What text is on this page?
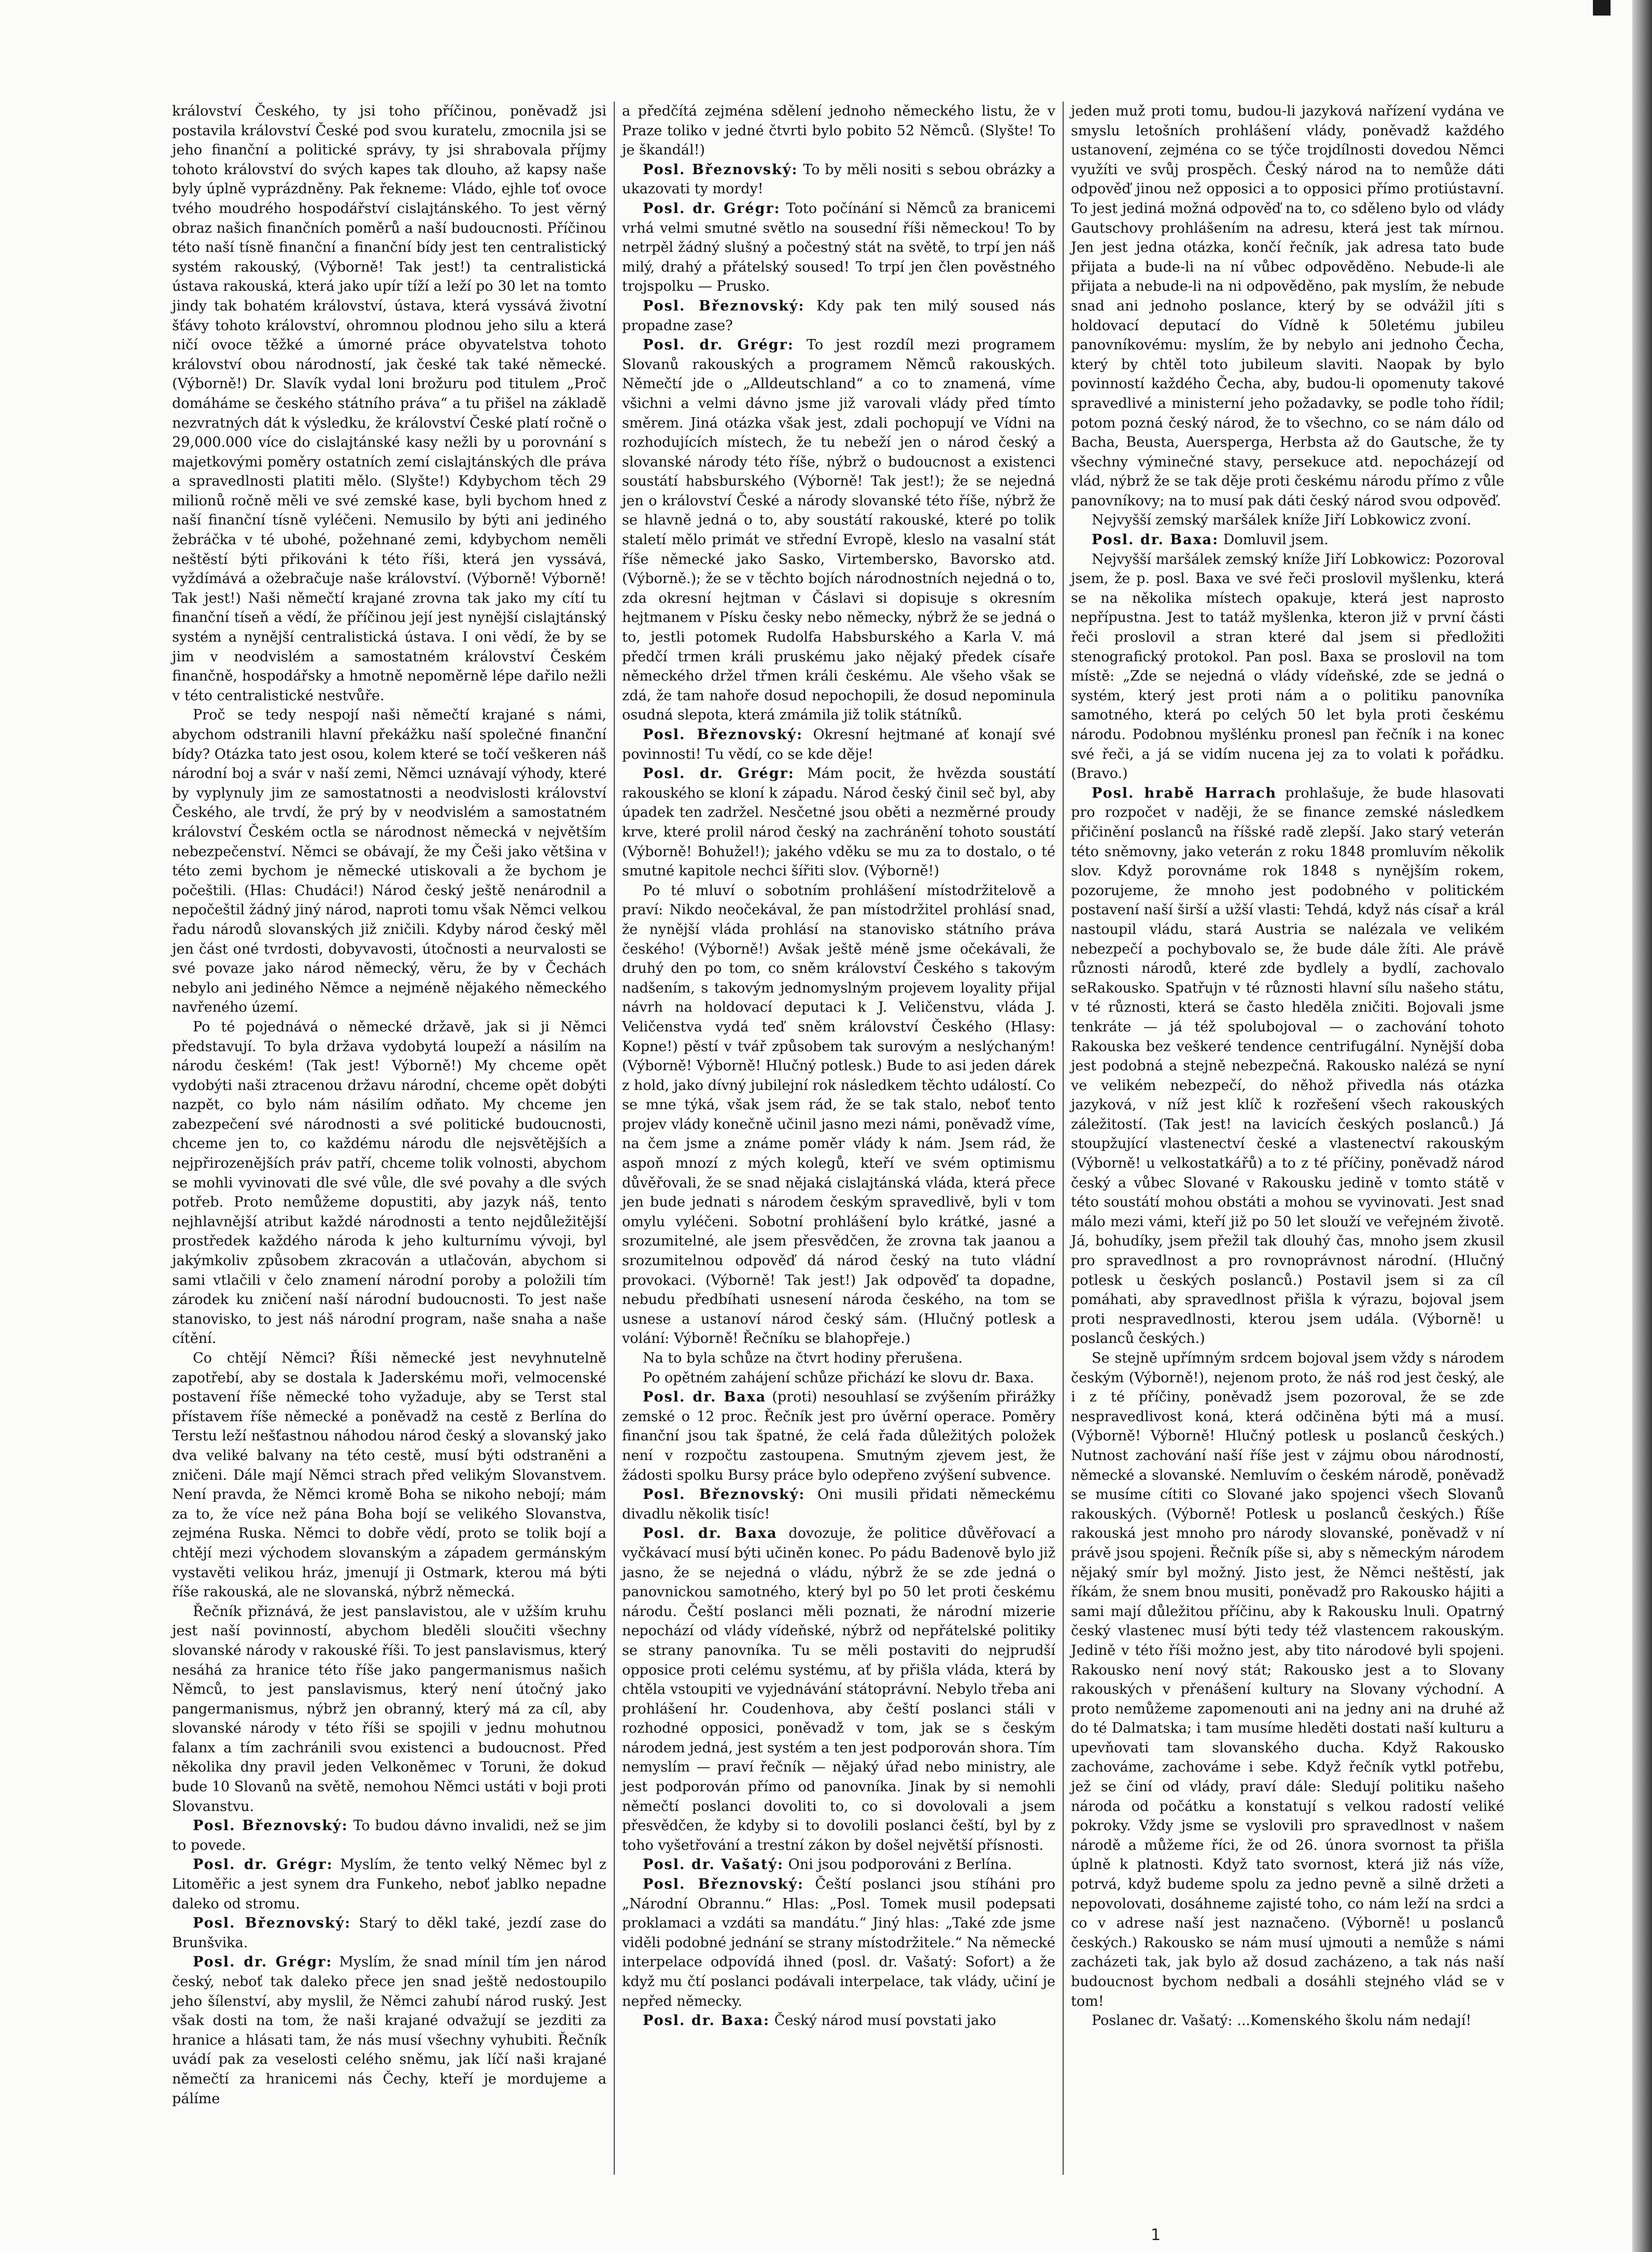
království Českého, ty jsi toho příčinou, poněvadž jsi postavila království České pod svou kuratelu, zmocnila jsi se jeho finanční a politické správy, ty jsi shrabovala příjmy tohoto království do svých kapes tak dlouho, až kapsy naše byly úplně vyprázdněny. Pak řekneme: Vládo, ejhle toť ovoce tvého moudrého hospodářství cislajtánského. To jest věrný obraz našich finančních poměrů a naší budoucnosti. Příčinou této naší tísně finanční a finanční bídy jest ten centralistický systém rakouský, (Výborně! Tak jest!) ta centralistická ústava rakouská, která jako upír tíží a leží po 30 let na tomto jindy tak bohatém království, ústava, která vyssává životní šťávy tohoto království, ohromnou plodnou jeho silu a která ničí ovoce těžké a úmorné práce obyvatelstva tohoto království obou národností, jak české tak také německé. (Výborně!) Dr. Slavík vydal loni brožuru pod titulem „Proč domáháme se českého státního práva“ a tu přišel na základě nezvratných dát k výsledku, že království České platí ročně o 29,000.000 více do cislajtánské kasy nežli by u porovnání s majetkovými poměry ostatních zemí cislajtánských dle práva a spravedlnosti platiti mělo. (Slyšte!) Kdybychom těch 29 milionů ročně měli ve své zemské kase, byli bychom hned z naší finanční tísně vyléčeni. Nemusilo by býti ani jediného žebráčka v té ubohé, požehnané zemi, kdybychom neměli neštěstí býti přikováni k této říši, která jen vyssává, vyždímává a ožebračuje naše království. (Výborně! Výborně! Tak jest!) Naši němečtí krajané zrovna tak jako my cítí tu finanční tíseň a vědí, že příčinou její jest nynější cislajtánský systém a nynější centralistická ústava. I oni vědí, že by se jim v neodvislém a samostatném království Českém finančně, hospodářsky a hmotně nepoměrně lépe dařilo nežli v této centralistické nestvůře.

Proč se tedy nespojí naši němečtí krajané s námi, abychom odstranili hlavní překážku naší společné finanční bídy? Otázka tato jest osou, kolem které se točí veškeren náš národní boj a svár v naší zemi, Němci uznávají výhody, které by vyplynuly jim ze samostatnosti a neodvislosti království Českého, ale trvdí, že prý by v neodvislém a samostatném království Českém octla se národnost německá v největším nebezpečenství. Němci se obávají, že my Češi jako většina v této zemi bychom je německé utiskovali a že bychom je počeštili. (Hlas: Chudáci!) Národ český ještě nenárodnil a nepočeštil žádný jiný národ, naproti tomu však Němci velkou řadu národů slovanských již zničili. Kdyby národ český měl jen část oné tvrdosti, dobyvavosti, útočnosti a neurvalosti se své povaze jako národ německý, věru, že by v Čechách nebylo ani jediného Němce a nejméně nějakého německého navřeného území.

Po té pojednává o německé državě, jak si ji Němci představují. To byla država vydobytá loupeží a násilím na národu českém! (Tak jest! Výborně!) My chceme opět vydobýti naši ztracenou državu národní, chceme opět dobýti nazpět, co bylo nám násilím odňato. My chceme jen zabezpečení své národnosti a své politické budoucnosti, chceme jen to, co každému národu dle nejsvětějších a nejpřirozenějších práv patří, chceme tolik volnosti, abychom se mohli vyvinovati dle své vůle, dle své povahy a dle svých potřeb. Proto nemůžeme dopustiti, aby jazyk náš, tento nejhlavnější atribut každé národnosti a tento nejdůležitější prostředek každého národa k jeho kulturnímu vývoji, byl jakýmkoliv způsobem zkracován a utlačován, abychom si sami vtlačili v čelo znamení národní poroby a položili tím zárodek ku zničení naší národní budoucnosti. To jest naše stanovisko, to jest náš národní program, naše snaha a naše cítění.

Co chtějí Němci? Říši německé jest nevyhnutelně zapotřebí, aby se dostala k Jaderskému moři, velmocenské postavení říše německé toho vyžaduje, aby se Terst stal přístavem říše německé a poněvadž na cestě z Berlína do Terstu leží nešťastnou náhodou národ český a slovanský jako dva veliké balvany na této cestě, musí býti odstraněni a zničeni. Dále mají Němci strach před velikým Slovanstvem. Není pravda, že Němci kromě Boha se nikoho nebojí; mám za to, že více než pána Boha bojí se velikého Slovanstva, zejména Ruska. Němci to dobře vědí, proto se tolik bojí a chtějí mezi východem slovanským a západem germánským vystavěti velikou hráz, jmenují ji Ostmark, kterou má býti říše rakouská, ale ne slovanská, nýbrž německá.

Řečník přiznává, že jest panslavistou, ale v užším kruhu jest naší povinností, abychom bleděli sloučiti všechny slovanské národy v rakouské říši. To jest panslavismus, který nesáhá za hranice této říše jako pangermanismus našich Němců, to jest panslavismus, který není útočný jako pangermanismus, nýbrž jen obranný, který má za cíl, aby slovanské národy v této říši se spojili v jednu mohutnou falanx a tím zachránili svou existenci a budoucnost. Před několika dny pravil jeden Velkoněmec v Toruni, že dokud bude 10 Slovanů na světě, nemohou Němci ustáti v boji proti Slovanstvu.

Posl. Březnovský: To budou dávno invalidi, než se jim to povede.

Posl. dr. Grégr: Myslím, že tento velký Němec byl z Litoměřic a jest synem dra Funkeho, neboť jablko nepadne daleko od stromu.

Posl. Březnovský: Starý to děkl také, jezdí zase do Brunšvika.

Posl. dr. Grégr: Myslím, že snad mínil tím jen národ český, neboť tak daleko přece jen snad ještě nedostoupilo jeho šílenství, aby myslil, že Němci zahubí národ ruský. Jest však dosti na tom, že naši krajané odvažují se jezditi za hranice a hlásati tam, že nás musí všechny vyhubiti. Řečník uvádí pak za veselosti celého sněmu, jak líčí naši krajané němečtí za hranicemi nás Čechy, kteří je mordujeme a pálíme

a předčítá zejména sdělení jednoho německého listu, že v Praze toliko v jedné čtvrti bylo pobito 52 Němců. (Slyšte! To je škandál!)

Posl. Březnovský: To by měli nositi s sebou obrázky a ukazovati ty mordy!

Posl. dr. Grégr: Toto počínání si Němců za branicemi vrhá velmi smutné světlo na sousední říši německou! To by netrpěl žádný slušný a počestný stát na světě, to trpí jen náš milý, drahý a přátelský soused! To trpí jen člen pověstného trojspolku — Prusko.

Posl. Březnovský: Kdy pak ten milý soused nás propadne zase?

Posl. dr. Grégr: To jest rozdíl mezi programem Slovanů rakouských a programem Němců rakouských. Němečtí jde o „Alldeutschland“ a co to znamená, víme všichni a velmi dávno jsme již varovali vlády před tímto směrem. Jiná otázka však jest, zdali pochopují ve Vídni na rozhodujících místech, že tu nebeží jen o národ český a slovanské národy této říše, nýbrž o budoucnost a existenci soustátí habsburského (Výborně! Tak jest!); že se nejedná jen o království České a národy slovanské této říše, nýbrž že se hlavně jedná o to, aby soustátí rakouské, které po tolik staletí mělo primát ve střední Evropě, kleslo na vasalní stát říše německé jako Sasko, Virtembersko, Bavorsko atd. (Výborně.); že se v těchto bojích národnostních nejedná o to, zda okresní hejtman v Čáslavi si dopisuje s okresním hejtmanem v Písku česky nebo německy, nýbrž že se jedná o to, jestli potomek Rudolfa Habsburského a Karla V. má předčí trmen králi pruskému jako nějaký předek císaře německého držel třmen králi českému. Ale všeho však se zdá, že tam nahoře dosud nepochopili, že dosud nepominula osudná slepota, která zmámila již tolik státníků.

Posl. Březnovský: Okresní hejtmané ať konají své povinnosti! Tu vědí, co se kde děje!

Posl. dr. Grégr: Mám pocit, že hvězda soustátí rakouského se kloní k západu. Národ český činil seč byl, aby úpadek ten zadržel. Nesčetné jsou oběti a nezměrné proudy krve, které prolil národ český na zachránění tohoto soustátí (Výborně! Bohužel!); jakého vděku se mu za to dostalo, o té smutné kapitole nechci šířiti slov. (Výborně!)

Po té mluví o sobotním prohlášení místodržitelově a praví: Nikdo neočekával, že pan místodržitel prohlásí snad, že nynější vláda prohlásí na stanovisko státního práva českého! (Výborně!) Avšak ještě méně jsme očekávali, že druhý den po tom, co sněm království Českého s takovým nadšením, s takovým jednomyslným projevem loyality přijal návrh na holdovací deputaci k J. Veličenstvu, vláda J. Veličenstva vydá teď sněm království Českého (Hlasy: Kopne!) pěstí v tvář způsobem tak surovým a neslýchaným! (Výborně! Výborně! Hlučný potlesk.) Bude to asi jeden dárek z hold, jako dívný jubilejní rok následkem těchto událostí. Co se mne týká, však jsem rád, že se tak stalo, neboť tento projev vlády konečně učinil jasno mezi námi, poněvadž víme, na čem jsme a známe poměr vlády k nám. Jsem rád, že aspoň mnozí z mých kolegů, kteří ve svém optimismu důvěřovali, že se snad nějaká cislajtánská vláda, která přece jen bude jednati s národem českým spravedlivě, byli v tom omylu vyléčeni. Sobotní prohlášení bylo krátké, jasné a srozumitelné, ale jsem přesvědčen, že zrovna tak jaanou a srozumitelnou odpověď dá národ český na tuto vládní provokaci. (Výborně! Tak jest!) Jak odpověď ta dopadne, nebudu předbíhati usnesení národa českého, na tom se usnese a ustanoví národ český sám. (Hlučný potlesk a volání: Výborně! Řečníku se blahopřeje.)

Na to byla schůze na čtvrt hodiny přerušena.

Po opětném zahájení schůze přichází ke slovu dr. Baxa.

Posl. dr. Baxa (proti) nesouhlasí se zvýšením přirážky zemské o 12 proc. Řečník jest pro úvěrní operace. Poměry finanční jsou tak špatné, že celá řada důležitých položek není v rozpočtu zastoupena. Smutným zjevem jest, že žádosti spolku Bursy práce bylo odepřeno zvýšení subvence.

Posl. Březnovský: Oni musili přidati německému divadlu několik tisíc!

Posl. dr. Baxa dovozuje, že politice důvěřovací a vyčkávací musí býti učiněn konec. Po pádu Badenově bylo již jasno, že se nejedná o vládu, nýbrž že se zde jedná o panovnickou samotného, který byl po 50 let proti českému národu. Čeští poslanci měli poznati, že národní mizerie nepochází od vlády vídeňské, nýbrž od nepřátelské politiky se strany panovníka. Tu se měli postaviti do nejprudší opposice proti celému systému, ať by přišla vláda, která by chtěla vstoupiti ve vyjednávání státoprávní. Nebylo třeba ani prohlášení hr. Coudenhova, aby čeští poslanci stáli v rozhodné opposici, poněvadž v tom, jak se s českým národem jedná, jest systém a ten jest podporován shora. Tím nemyslím — praví řečník — nějaký úřad nebo ministry, ale jest podporován přímo od panovníka. Jinak by si nemohli němečtí poslanci dovoliti to, co si dovolovali a jsem přesvědčen, že kdyby si to dovolili poslanci čeští, byl by z toho vyšetřování a trestní zákon by došel největší přísnosti.

Posl. dr. Vašatý: Oni jsou podporováni z Berlína.

Posl. Březnovský: Čeští poslanci jsou stíháni pro „Národní Obrannu.“ Hlas: „Posl. Tomek musil podepsati proklamaci a vzdáti sa mandátu.“ Jiný hlas: „Také zde jsme viděli podobné jednání se strany místodržitele.“ Na německé interpelace odpovídá ihned (posl. dr. Vašatý: Sofort) a že když mu čtí poslanci podávali interpelace, tak vlády, učiní je nepřed německy.

Posl. dr. Baxa: Český národ musí povstati jako

jeden muž proti tomu, budou-li jazyková nařízení vydána ve smyslu letošních prohlášení vlády, poněvadž každého ustanovení, zejména co se týče trojdílnosti dovedou Němci využíti ve svůj prospěch. Český národ na to nemůže dáti odpověď jinou než opposici a to opposici přímo protiústavní. To jest jediná možná odpověď na to, co sděleno bylo od vlády Gautschovy prohlášením na adresu, která jest tak mírnou. Jen jest jedna otázka, končí řečník, jak adresa tato bude přijata a bude-li na ní vůbec odpověděno. Nebude-li ale přijata a nebude-li na ni odpověděno, pak myslím, že nebude snad ani jednoho poslance, který by se odvážil jíti s holdovací deputací do Vídně k 50letému jubileu panovníkovému: myslím, že by nebylo ani jednoho Čecha, který by chtěl toto jubileum slaviti. Naopak by bylo povinností každého Čecha, aby, budou-li opomenuty takové spravedlivé a ministerní jeho požadavky, se podle toho řídil; potom pozná český národ, že to všechno, co se nám dálo od Bacha, Beusta, Auersperga, Herbsta až do Gautsche, že ty všechny výminečné stavy, persekuce atd. nepocházejí od vlád, nýbrž že se tak děje proti českému národu přímo z vůle panovníkovy; na to musí pak dáti český národ svou odpověď.

Nejvyšší zemský maršálek kníže Jiří Lobkowicz zvoní.

Posl. dr. Baxa: Domluvil jsem.

Nejvyšší maršálek zemský kníže Jiří Lobkowicz: Pozoroval jsem, že p. posl. Baxa ve své řeči proslovil myšlenku, která se na několika místech opakuje, která jest naprosto nepřípustna. Jest to tatáž myšlenka, kteron již v první části řeči proslovil a stran které dal jsem si předložiti stenografický protokol. Pan posl. Baxa se proslovil na tom místě: „Zde se nejedná o vlády vídeňské, zde se jedná o systém, který jest proti nám a o politiku panovníka samotného, která po celých 50 let byla proti českému národu. Podobnou myšlénku pronesl pan řečník i na konec své řeči, a já se vidím nucena jej za to volati k pořádku. (Bravo.)

Posl. hrabě Harrach prohlašuje, že bude hlasovati pro rozpočet v naději, že se finance zemské následkem přičinění poslanců na říšské radě zlepší. Jako starý veterán této sněmovny, jako veterán z roku 1848 promluvím několik slov. Když porovnáme rok 1848 s nynějším rokem, pozorujeme, že mnoho jest podobného v politickém postavení naší širší a užší vlasti: Tehdá, když nás císař a král nastoupil vládu, stará Austria se nalézala ve velikém nebezpečí a pochybovalo se, že bude dále žíti. Ale právě různosti národů, které zde bydlely a bydlí, zachovalo seRakousko. Spatřujn v té různosti hlavní sílu našeho státu, v té různosti, která se často hleděla zničiti. Bojovali jsme tenkráte — já též spolubojoval — o zachování tohoto Rakouska bez veškeré tendence centrifugální. Nynější doba jest podobná a stejně nebezpečná. Rakousko nalézá se nyní ve velikém nebezpečí, do něhož přivedla nás otázka jazyková, v níž jest klíč k rozřešení všech rakouských záležitostí. (Tak jest! na lavicích českých poslanců.) Já stoupžující vlastenectví české a vlastenectví rakouským (Výborně! u velkostatkářů) a to z té příčiny, poněvadž národ český a vůbec Slované v Rakousku jedině v tomto státě v této soustátí mohou obstáti a mohou se vyvinovati. Jest snad málo mezi vámi, kteří již po 50 let slouží ve veřejném životě. Já, bohudíky, jsem přežil tak dlouhý čas, mnoho jsem zkusil pro spravedlnost a pro rovnoprávnost národní. (Hlučný potlesk u českých poslanců.) Postavil jsem si za cíl pomáhati, aby spravedlnost přišla k výrazu, bojoval jsem proti nespravedlnosti, kterou jsem udála. (Výborně! u poslanců českých.)

Se stejně upřímným srdcem bojoval jsem vždy s národem českým (Výborně!), nejenom proto, že náš rod jest český, ale i z té příčiny, poněvadž jsem pozoroval, že se zde nespravedlivost koná, která odčiněna býti má a musí. (Výborně! Výborně! Hlučný potlesk u poslanců českých.) Nutnost zachování naší říše jest v zájmu obou národností, německé a slovanské. Nemluvím o českém národě, poněvadž se musíme cítiti co Slované jako spojenci všech Slovanů rakouských. (Výborně! Potlesk u poslanců českých.) Říše rakouská jest mnoho pro národy slovanské, poněvadž v ní právě jsou spojeni. Řečník píše si, aby s německým národem nějaký smír byl možný. Jisto jest, že Němci neštěstí, jak říkám, že snem bnou musiti, poněvadž pro Rakousko hájiti a sami mají důležitou příčinu, aby k Rakousku lnuli. Opatrný český vlastenec musí býti tedy též vlastencem rakouským. Jedině v této říši možno jest, aby tito národové byli spojeni. Rakousko není nový stát; Rakousko jest a to Slovany rakouských v přenášení kultury na Slovany východní. A proto nemůžeme zapomenouti ani na jedny ani na druhé až do té Dalmatska; i tam musíme hleděti dostati naší kulturu a upevňovati tam slovanského ducha. Když Rakousko zachováme, zachováme i sebe. Když řečník vytkl potřebu, jež se činí od vlády, praví dále: Sledují politiku našeho národa od počátku a konstatují s velkou radostí veliké pokroky. Vždy jsme se vyslovili pro spravedlnost v našem národě a můžeme říci, že od 26. února svornost ta přišla úplně k platnosti. Když tato svornost, která již nás víže, potrvá, když budeme spolu za jedno pevně a silně držeti a nepovolovati, dosáhneme zajisté toho, co nám leží na srdci a co v adrese naší jest naznačeno. (Výborně! u poslanců českých.) Rakousko se nám musí ujmouti a nemůže s námi zacházeti tak, jak bylo až dosud zacházeno, a tak nás naší budoucnost bychom nedbali a dosáhli stejného vlád se v tom!

Poslanec dr. Vašatý: ...Komenského školu nám nedají!

1
